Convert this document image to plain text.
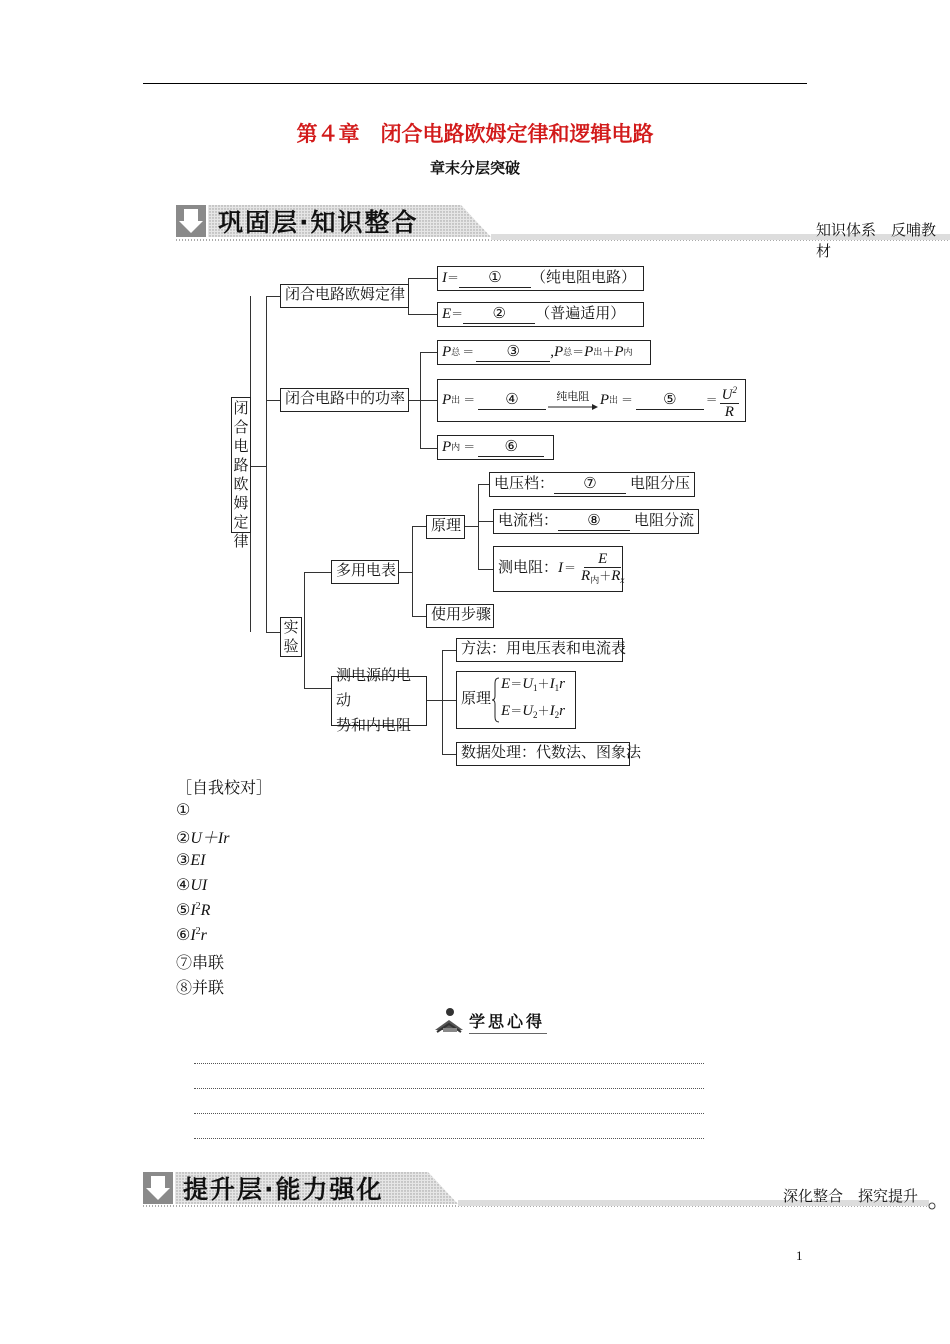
第４章　闭合电路欧姆定律和逻辑电路
章末分层突破
巩固层·知识整合	知识体系　反哺教材
闭合电路欧姆定律
闭合电路欧姆定律
I ＝	①	（纯电阻电路）
E ＝	②	（普遍适用）
闭合电路中的功率
P 总 ＝	③	, P 总 ＝ P 出 ＋ P 内
P 出 ＝	④	纯电阻 P 出 ＝	⑤	＝ $\frac{U^2}{R}$
P 内 ＝	⑥
实验
多用电表
原理
电压档：	⑦	电阻分压
电流档：	⑧	电阻分流
测电阻： $I = \frac{E}{R_内+R_x}$
使用步骤
测电源的电动
势和内电阻
方法：用电压表和电流表
原理
$E=U_1+I_1r$
$E=U_2+I_2r$
数据处理：代数法、图象法
［自我校对］
①
②U＋Ir
③EI
④UI
$⑤I^2R$
$⑥I^2r$
⑦串联
⑧并联
学思心得
提升层·能力强化	深化整合　探究提升
1
